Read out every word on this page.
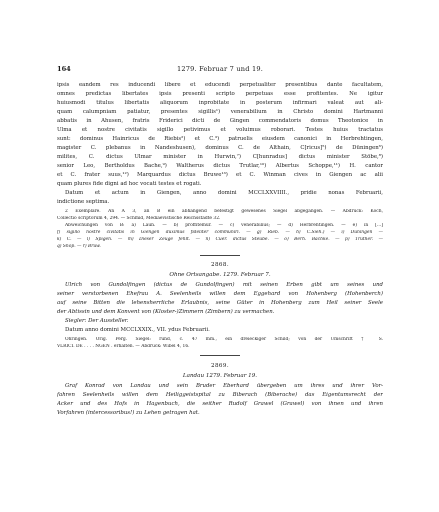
164	1279. Februar 7 und 19.
ipsis eandem res inducendi libere et educendi perpetualiter presentibus dante facultatem,
omnes predictas libertates ipsis presenti scripto perpetuas esse profitentes. Ne igitur
huiusmodi titulus libertatis aliquorum inprobitate in posterum infirmari valeat aut ali-
quam calumpniam patiatur, presentes sigillis¹) venerabilium in Christo domini Hartmanni
abbatis in Ahusen, fratris Friderici dicti de Gingen commendatoris domus Theotonice in
Ulma et nostre civitatis sigillo petivimus et voluimus roborari. Testes huius tractatus
sunt: dominus Hainricus de Riebis²) et C.³) patruelis eiusdem canonici in Herbrehtingen,
magister C. plebanus in Nandeshusen), dominus C. de Althain, C[ricus]⁵) de Düningen⁶)
milites, C. dictus Ulmar minister in Hurwin,⁷) C[hunradus] dictus minister Stöbe,⁸)
senior Leo, Bertholdus Bache,⁹) Waltherus dictus Trutlar,¹⁰) Albertus Schoppe,¹¹) H. cantor
et C. frater suus,¹²) Marquardus dictus Bruwe¹³) et C. Winman cives in Giengen ac alii
quam plures fide digni ad hoc vocati testes et rogati.
Datum et actum in Giengen, anno domini MCCLXXVIIII., pridie nonas Februarii,
indictione septima.
2 Exemplare. An A 3, an B ein abhangend befestigt gewesenes Siegel abgegangen. — Abdruck: Koch,
Collectio scriptorum 4, 294. — Schmid, Mediaevistische Reichsstädte 32.
Abweichungen von B: a) Laun. — b) proffitemur. — c) venerabilius; — d) Herbrehtingen. — e) in […]
f) sigillo nostre civitatis in Giengen duximus fideliter communiri. — g) Rieb. — h) C.Sieh.) — i) Düningen —
k) C. — l) Spigen. — m) Dieser Zeuge fehlt. — n) Cüer. dictus Steube. — o) Berh. Bachke. — p) Truther. —
q) Shop. — r) Bruw.
2868.
Ohne Ortsangabe. 1279. Februar 7.
Ulrich von Gundolfingen (dictus de Gundolfingen) mit seinen Erben gibt um seines und
seiner verstorbenen Ehefrau A. Seelenheils willen dem Eggehard von Hohenberg (Hohenberch)
auf seine Bitten die lehensherrliche Erlaubnis, seine Güter in Hohenberg zum Heil seiner Seele
der Äbtissin und dem Konvent von (Kloster-)Zimmern (Zimbern) zu vermachen.
Siegler: Der Aussteller.
Datum anno domini MCCLXXIX., VII. ydus Februarii.
Öhringen. Orig. Perg. Siegel: rund, c. 47 mm., ein dreieckiger Schild; von der Umschrift † S.
VLRICI. DE . . . . NGEN . erhalten. — Abdruck: Wibel 4, 16.
2869.
Landau 1279. Februar 19.
Graf Konrad von Landau und sein Bruder Eberhard übergeben um ihres und ihrer Vor-
fahren Seelenheils willen dem Heiliggeistspital zu Biberach (Biberache) das Eigentumsrecht der
Äcker und des Hofs in Hagenbuch, die seither Rudolf Grawel (Grawel) von ihnen und ihren
Vorfahren (intercessoribus!) zu Lehen getragen hat.
